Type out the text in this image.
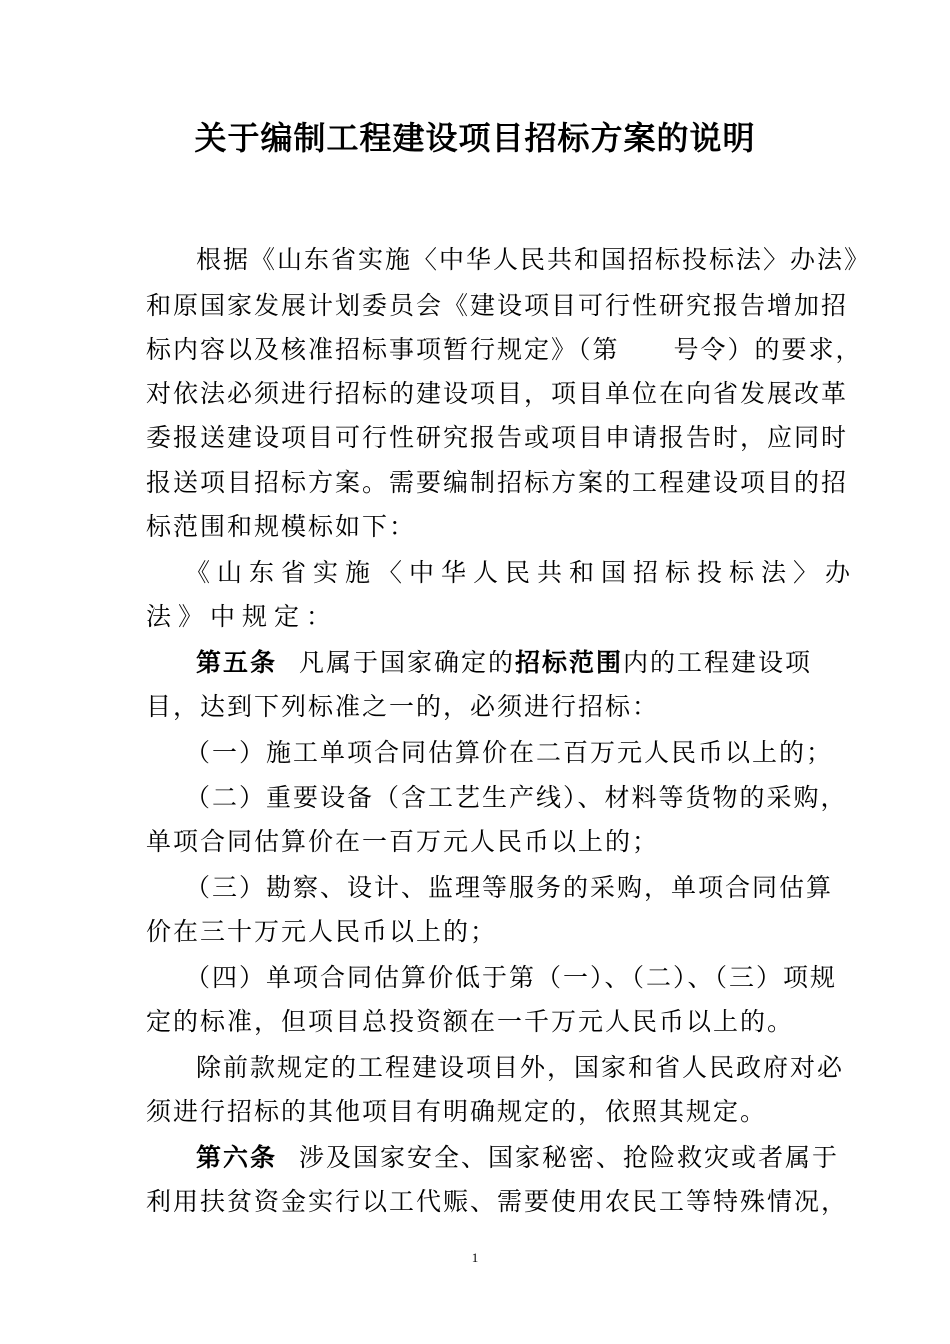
关于编制工程建设项目招标方案的说明

根据《山东省实施〈中华人民共和国招标投标法〉办法》

和原国家发展计划委员会《建设项目可行性研究报告增加招

标内容以及核准招标事项暂行规定》（第　　号令）的要求，

对依法必须进行招标的建设项目，项目单位在向省发展改革

委报送建设项目可行性研究报告或项目申请报告时，应同时

报送项目招标方案。需要编制招标方案的工程建设项目的招

标范围和规模标如下：

《山东省实施〈中华人民共和国招标投标法〉办

法》中规定：

第五条 凡属于国家确定的招标范围内的工程建设项

目，达到下列标准之一的，必须进行招标：

（一）施工单项合同估算价在二百万元人民币以上的；

（二）重要设备（含工艺生产线）、材料等货物的采购，

单项合同估算价在一百万元人民币以上的；

（三）勘察、设计、监理等服务的采购，单项合同估算

价在三十万元人民币以上的；

（四）单项合同估算价低于第（一）、（二）、（三）项规

定的标准，但项目总投资额在一千万元人民币以上的。

除前款规定的工程建设项目外，国家和省人民政府对必

须进行招标的其他项目有明确规定的，依照其规定。

第六条 涉及国家安全、国家秘密、抢险救灾或者属于

利用扶贫资金实行以工代赈、需要使用农民工等特殊情况，

1
